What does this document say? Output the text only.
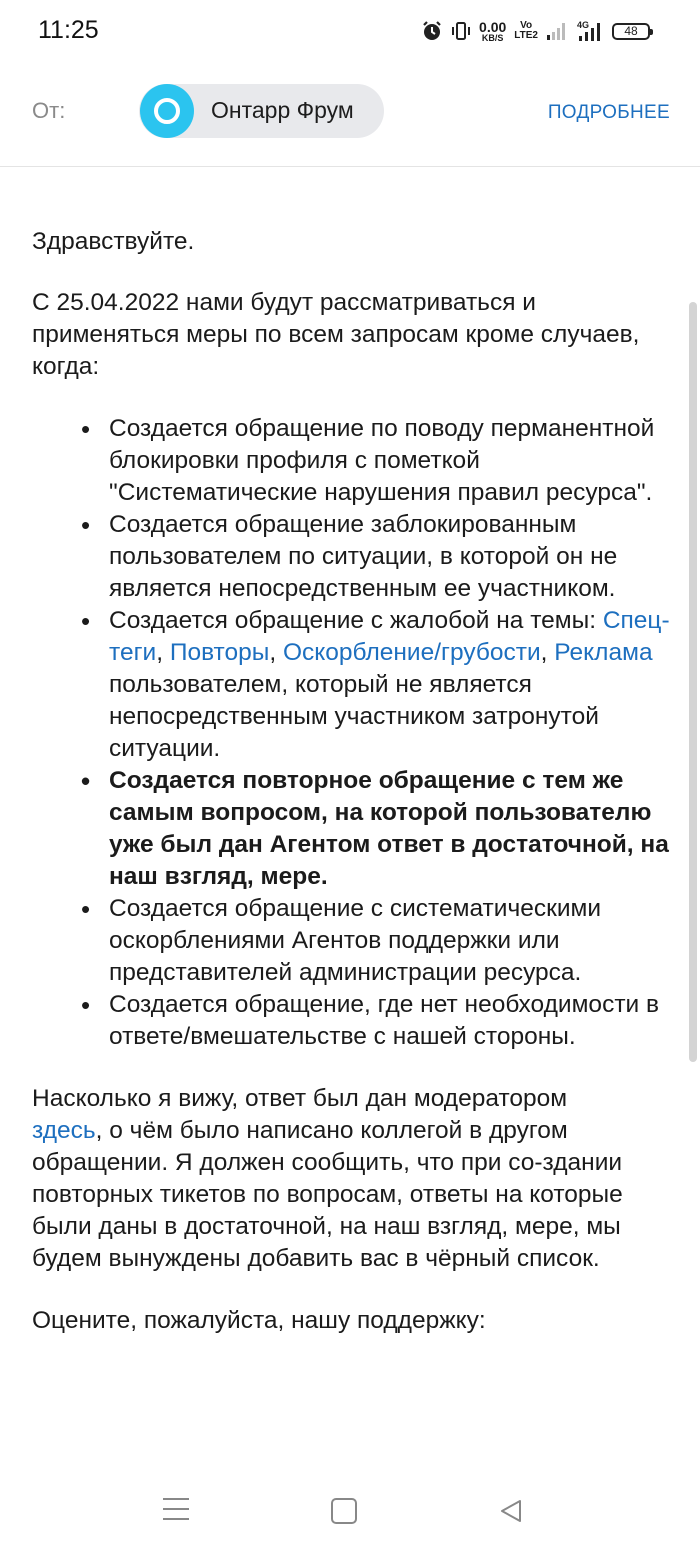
11:25	0.00
KB/S
Vo
LTE2
4G	48
От:	Онтарр Фрум	ПОДРОБНЕЕ

Здравствуйте.

С 25.04.2022 нами будут рассматриваться и применяться меры по всем запросам кроме случаев, когда:

• Создается обращение по поводу перманентной блокировки профиля с пометкой "Систематические нарушения правил ресурса".
• Создается обращение заблокированным пользователем по ситуации, в которой он не является непосредственным ее участником.
• Создается обращение с жалобой на темы: Спец-теги, Повторы, Оскорбление/грубости, Реклама пользователем, который не является непосредственным участником затронутой ситуации.
• Создается повторное обращение с тем же самым вопросом, на которой пользователю уже был дан Агентом ответ в достаточной, на наш взгляд, мере.
• Создается обращение с систематическими оскорблениями Агентов поддержки или представителей администрации ресурса.
• Создается обращение, где нет необходимости в ответе/вмешательстве с нашей стороны.

Насколько я вижу, ответ был дан модератором
здесь, о чём было написано коллегой в другом обращении. Я должен сообщить, что при со-здании повторных тикетов по вопросам, ответы на которые были даны в достаточной, на наш взгляд, мере, мы будем вынуждены добавить вас в чёрный список.

Оцените, пожалуйста, нашу поддержку:
